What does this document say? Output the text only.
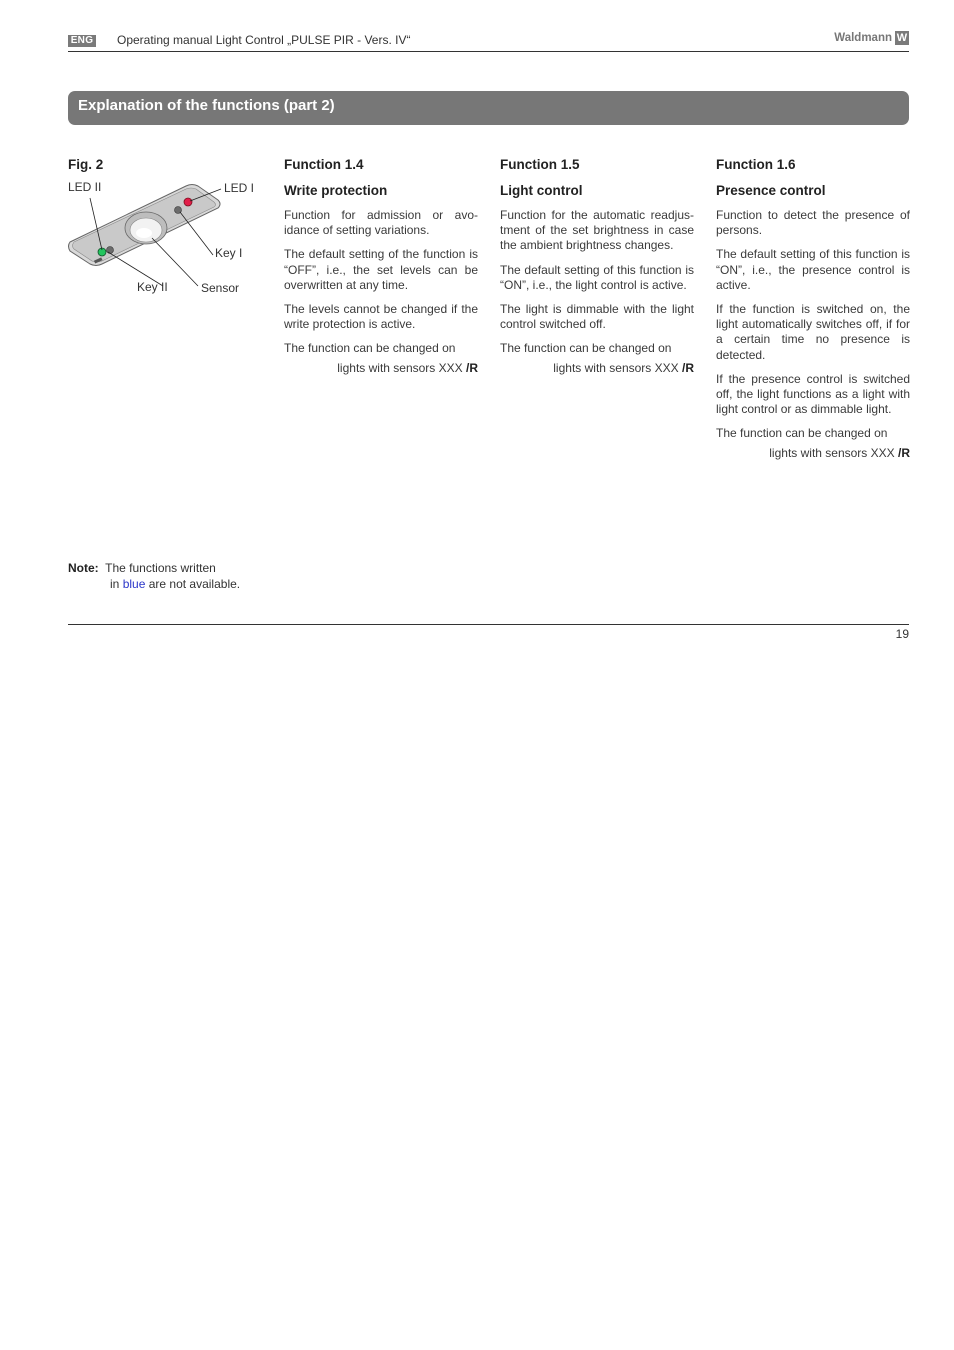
ENG Operating manual Light Control „PULSE PIR - Vers. IV“	Waldmann W
Explanation of the functions (part 2)

Fig. 2

LED II	LED I
Key I
Key II	Sensor

Function 1.4

Write protection

Function for admission or avo-idance of setting variations.

The default setting of the function is “OFF”, i.e., the set levels can be overwritten at any time.

The levels cannot be changed if the write protection is active.

The function can be changed on

lights with sensors XXX /R

Function 1.5

Light control

Function for the automatic readjus-tment of the set brightness in case the ambient brightness changes.

The default setting of this function is “ON”, i.e., the light control is active.

The light is dimmable with the light control switched off.

The function can be changed on

lights with sensors XXX /R

Function 1.6

Presence control

Function to detect the presence of persons.

The default setting of this function is “ON”, i.e., the presence control is active.

If the function is switched on, the light automatically switches off, if for a certain time no presence is detected.

If the presence control is switched off, the light functions as a light with light control or as dimmable light.

The function can be changed on

lights with sensors XXX /R

Note: The functions written
in blue are not available.
19
